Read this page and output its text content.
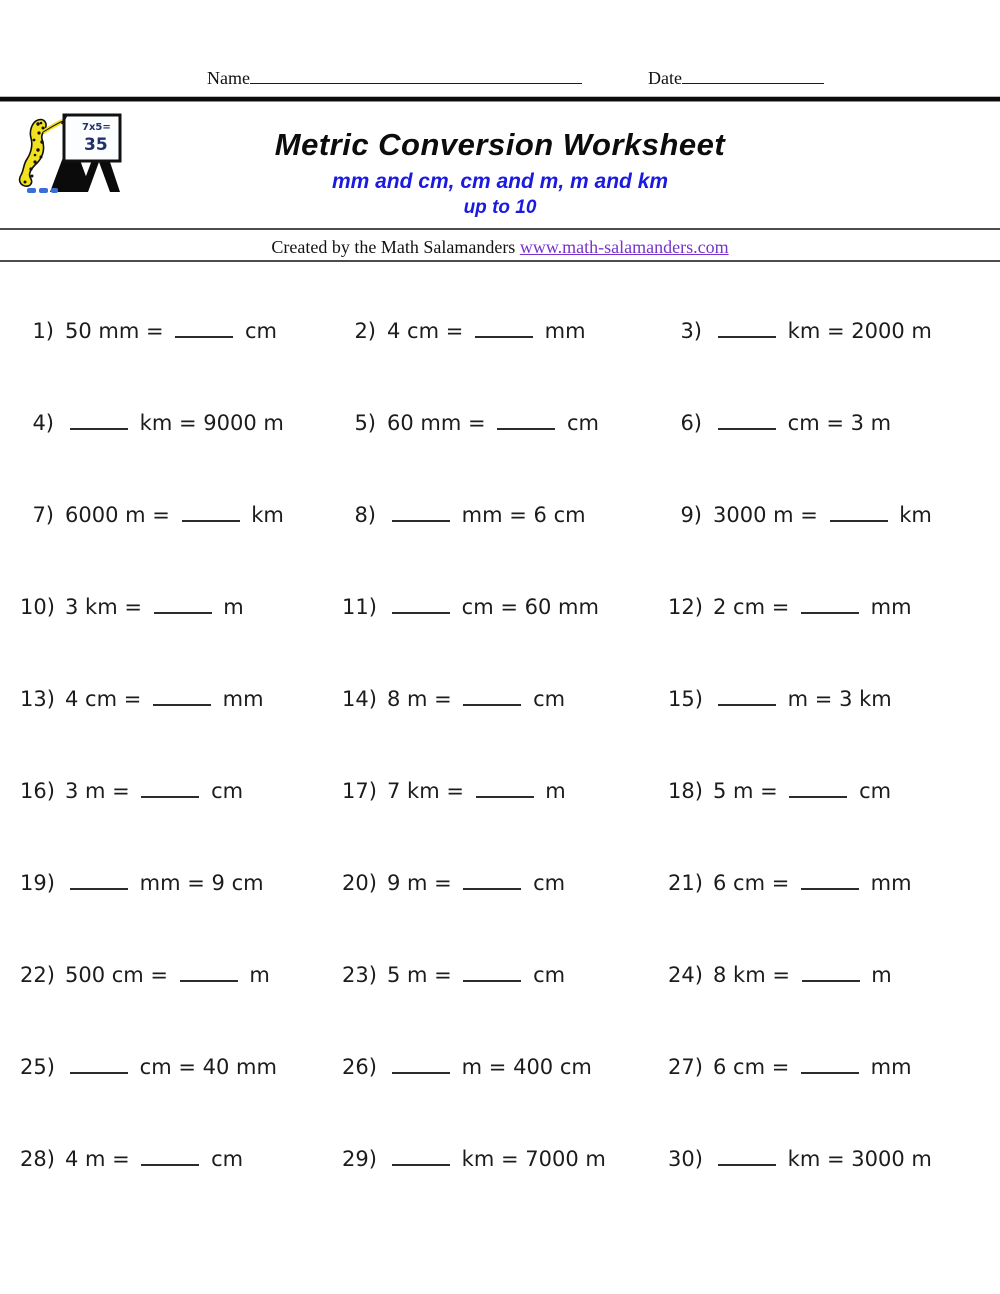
Name	Date
7x5=
35	Metric Conversion Worksheet
mm and cm, cm and m, m and km
up to 10
Created by the Math Salamanders www.math-salamanders.com
1) 50 mm =	cm	2) 4 cm =	mm	3)	km = 2000 m
4)	km = 9000 m	5) 60 mm =	cm	6)	cm = 3 m
7) 6000 m =	km	8)	mm = 6 cm	9) 3000 m =	km
10) 3 km =	m	11)	cm = 60 mm	12) 2 cm =	mm
13) 4 cm =	mm	14) 8 m =	cm	15)	m = 3 km
16) 3 m =	cm	17) 7 km =	m	18) 5 m =	cm
19)	mm = 9 cm	20) 9 m =	cm	21) 6 cm =	mm
22) 500 cm =	m	23) 5 m =	cm	24) 8 km =	m
25)	cm = 40 mm	26)	m = 400 cm	27) 6 cm =	mm
28) 4 m =	cm	29)	km = 7000 m	30)	km = 3000 m
